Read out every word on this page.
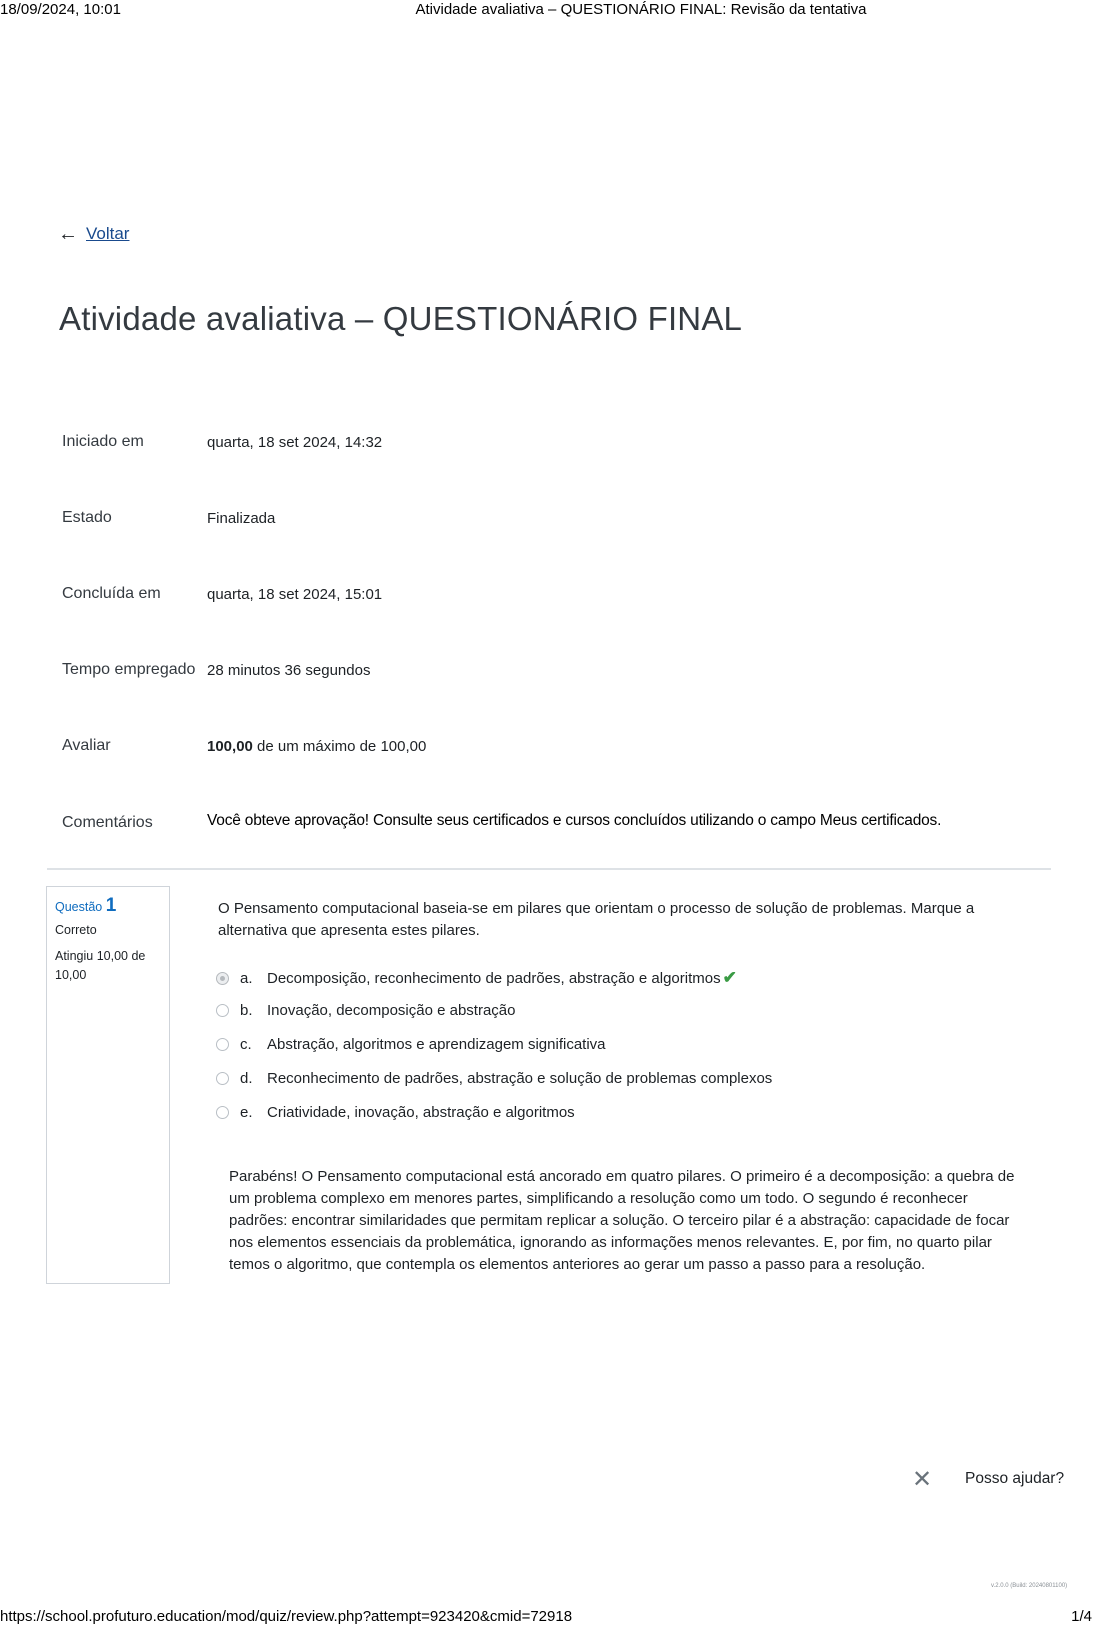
18/09/2024, 10:01	Atividade avaliativa – QUESTIONÁRIO FINAL: Revisão da tentativa
← Voltar
Atividade avaliativa – QUESTIONÁRIO FINAL
Iniciado em	quarta, 18 set 2024, 14:32
Estado	Finalizada
Concluída em	quarta, 18 set 2024, 15:01
Tempo empregado 28 minutos 36 segundos
Avaliar	100,00 de um máximo de 100,00
Comentários	Você obteve aprovação! Consulte seus certificados e cursos concluídos utilizando o campo Meus certificados.
Questão 1
Correto
Atingiu 10,00 de 10,00
O Pensamento computacional baseia-se em pilares que orientam o processo de solução de problemas. Marque a alternativa que apresenta estes pilares.
a. Decomposição, reconhecimento de padrões, abstração e algoritmos ✔
b. Inovação, decomposição e abstração
c.	Abstração, algoritmos e aprendizagem significativa
d. Reconhecimento de padrões, abstração e solução de problemas complexos
e. Criatividade, inovação, abstração e algoritmos
Parabéns! O Pensamento computacional está ancorado em quatro pilares. O primeiro é a decomposição: a quebra de um problema complexo em menores partes, simplificando a resolução como um todo. O segundo é reconhecer padrões: encontrar similaridades que permitam replicar a solução. O terceiro pilar é a abstração: capacidade de focar nos elementos essenciais da problemática, ignorando as informações menos relevantes. E, por fim, no quarto pilar temos o algoritmo, que contempla os elementos anteriores ao gerar um passo a passo para a resolução.
✕ Posso ajudar?
v.2.0.0 (Build: 20240801100)
https://school.profuturo.education/mod/quiz/review.php?attempt=923420&cmid=72918	1/4
